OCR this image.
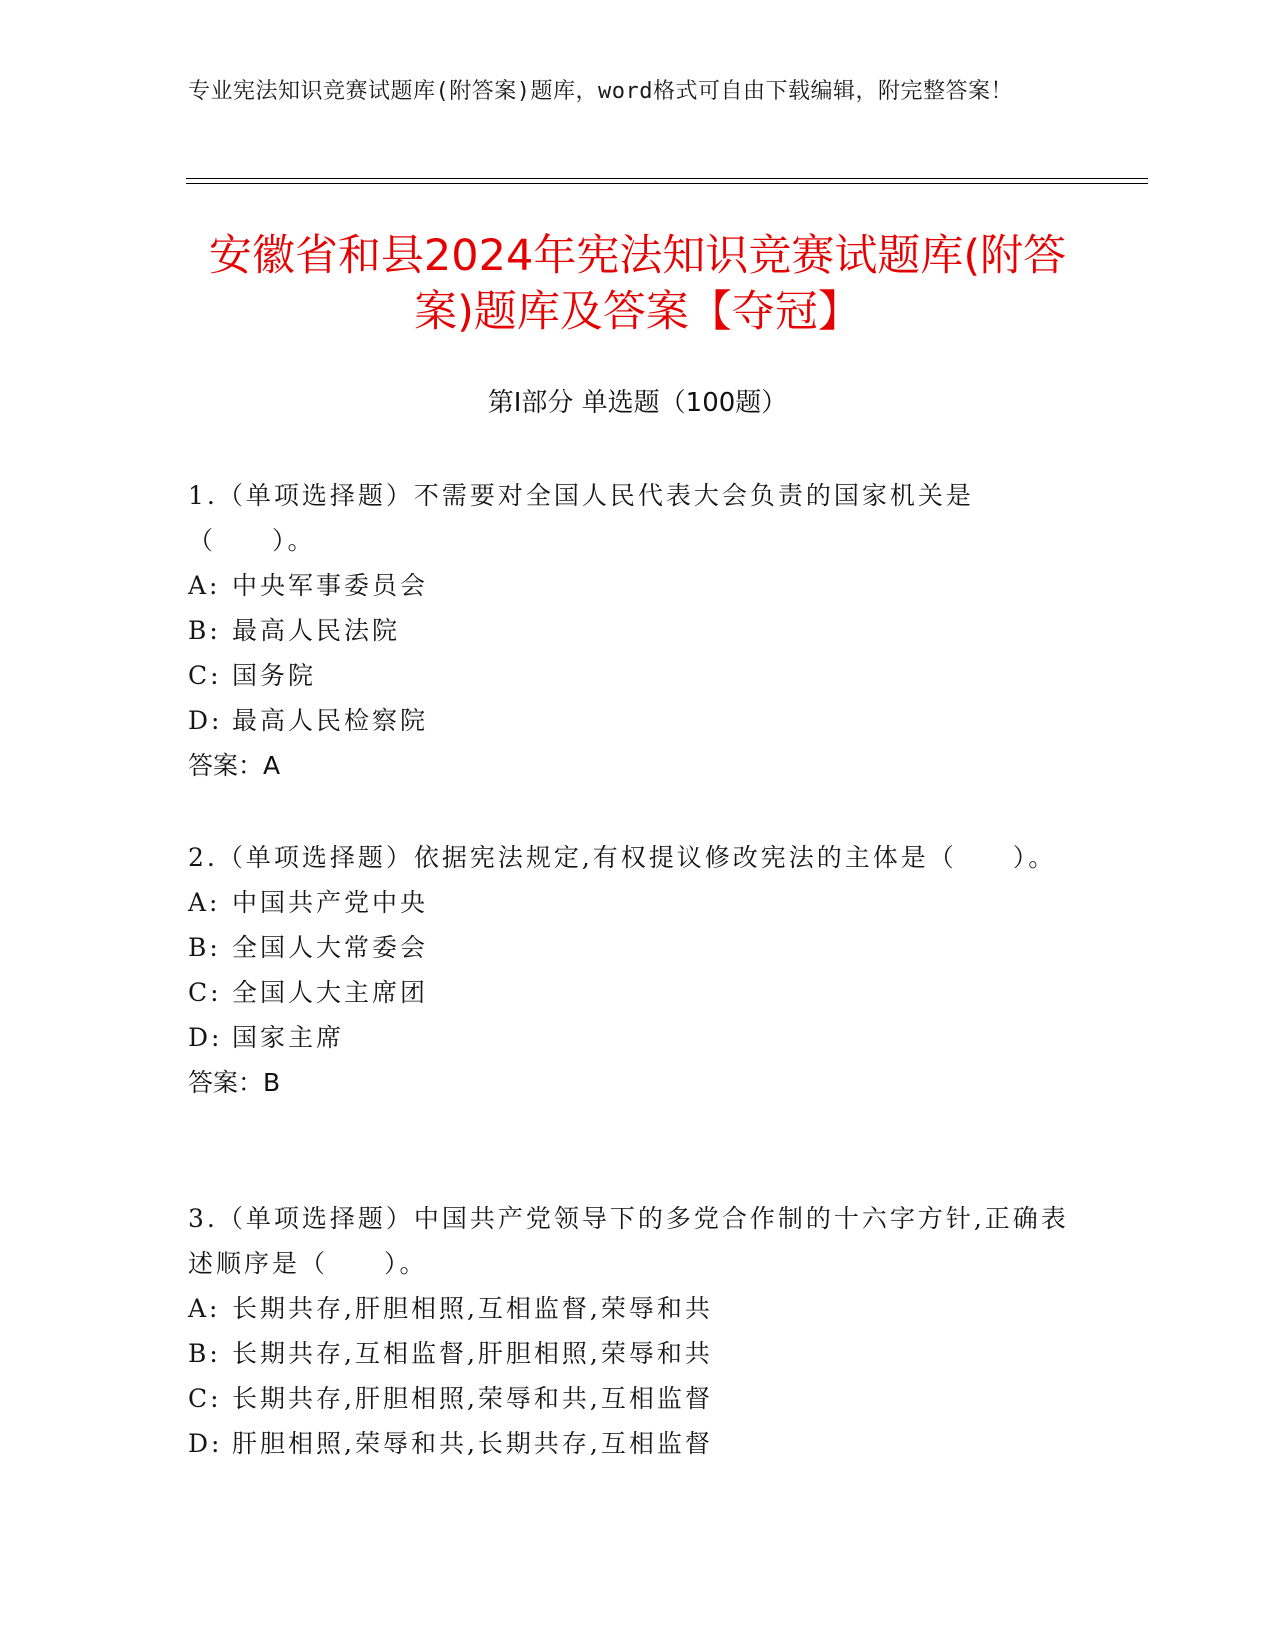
专业宪法知识竞赛试题库(附答案)题库，word格式可自由下载编辑，附完整答案！
安徽省和县2024年宪法知识竞赛试题库(附答案)题库及答案【夺冠】
第Ⅰ部分 单选题（100题）
1.（单项选择题）不需要对全国人民代表大会负责的国家机关是（　　）。
A: 中央军事委员会
B: 最高人民法院
C: 国务院
D: 最高人民检察院
答案：A
2.（单项选择题）依据宪法规定,有权提议修改宪法的主体是（　　）。
A: 中国共产党中央
B: 全国人大常委会
C: 全国人大主席团
D: 国家主席
答案：B
3.（单项选择题）中国共产党领导下的多党合作制的十六字方针,正确表述顺序是（　　）。
A: 长期共存,肝胆相照,互相监督,荣辱和共
B: 长期共存,互相监督,肝胆相照,荣辱和共
C: 长期共存,肝胆相照,荣辱和共,互相监督
D: 肝胆相照,荣辱和共,长期共存,互相监督
